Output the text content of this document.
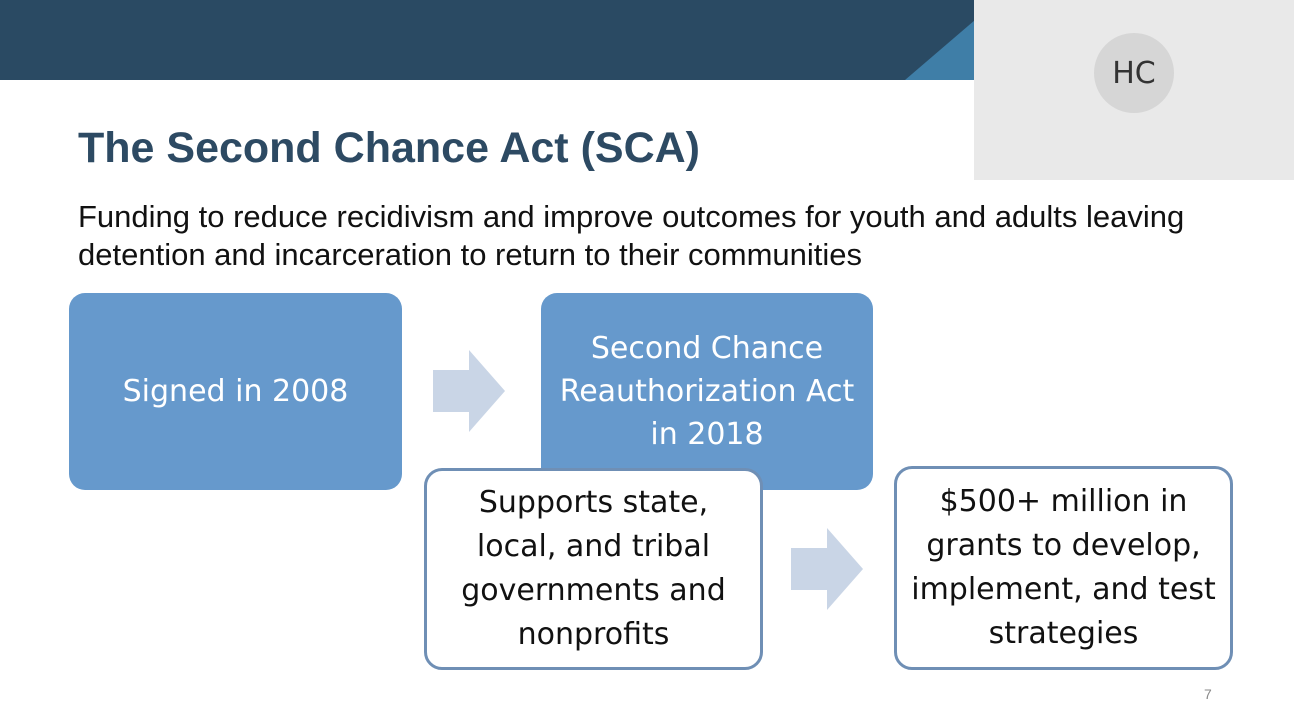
HC
The Second Chance Act (SCA)

Funding to reduce recidivism and improve outcomes for youth and adults leaving detention and incarceration to return to their communities

Signed in 2008
Second Chance Reauthorization Act in 2018
Supports state, local, and tribal governments and nonprofits
$500+ million in grants to develop, implement, and test strategies
7
